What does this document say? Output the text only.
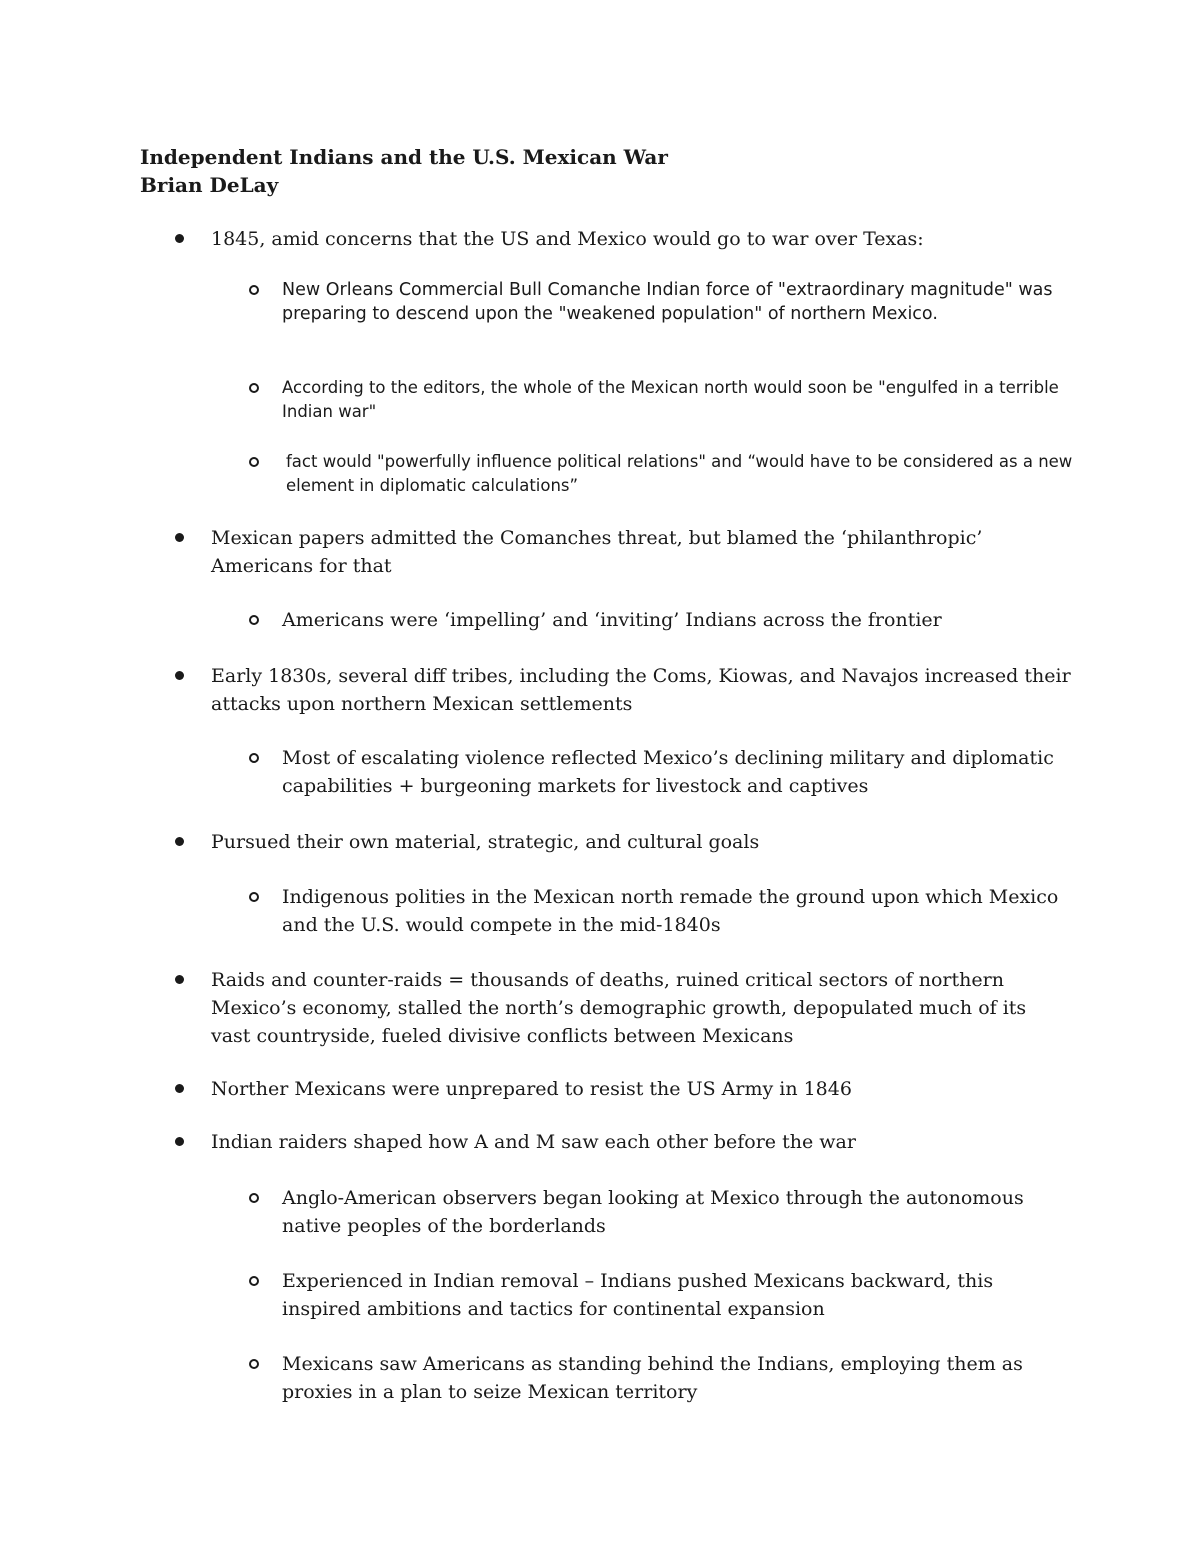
Independent Indians and the U.S. Mexican War
Brian DeLay
1845, amid concerns that the US and Mexico would go to war over Texas:
New Orleans Commercial Bull Comanche Indian force of "extraordinary magnitude" was preparing to descend upon the "weakened population" of northern Mexico.
According to the editors, the whole of the Mexican north would soon be "engulfed in a terrible Indian war"
fact would "powerfully influence political relations" and “would have to be considered as a new element in diplomatic calculations”
Mexican papers admitted the Comanches threat, but blamed the ‘philanthropic’ Americans for that
Americans were ‘impelling’ and ‘inviting’ Indians across the frontier
Early 1830s, several diff tribes, including the Coms, Kiowas, and Navajos increased their attacks upon northern Mexican settlements
Most of escalating violence reflected Mexico’s declining military and diplomatic capabilities + burgeoning markets for livestock and captives
Pursued their own material, strategic, and cultural goals
Indigenous polities in the Mexican north remade the ground upon which Mexico and the U.S. would compete in the mid-1840s
Raids and counter-raids = thousands of deaths, ruined critical sectors of northern Mexico’s economy, stalled the north’s demographic growth, depopulated much of its vast countryside, fueled divisive conflicts between Mexicans
Norther Mexicans were unprepared to resist the US Army in 1846
Indian raiders shaped how A and M saw each other before the war
Anglo-American observers began looking at Mexico through the autonomous native peoples of the borderlands
Experienced in Indian removal – Indians pushed Mexicans backward, this inspired ambitions and tactics for continental expansion
Mexicans saw Americans as standing behind the Indians, employing them as proxies in a plan to seize Mexican territory
